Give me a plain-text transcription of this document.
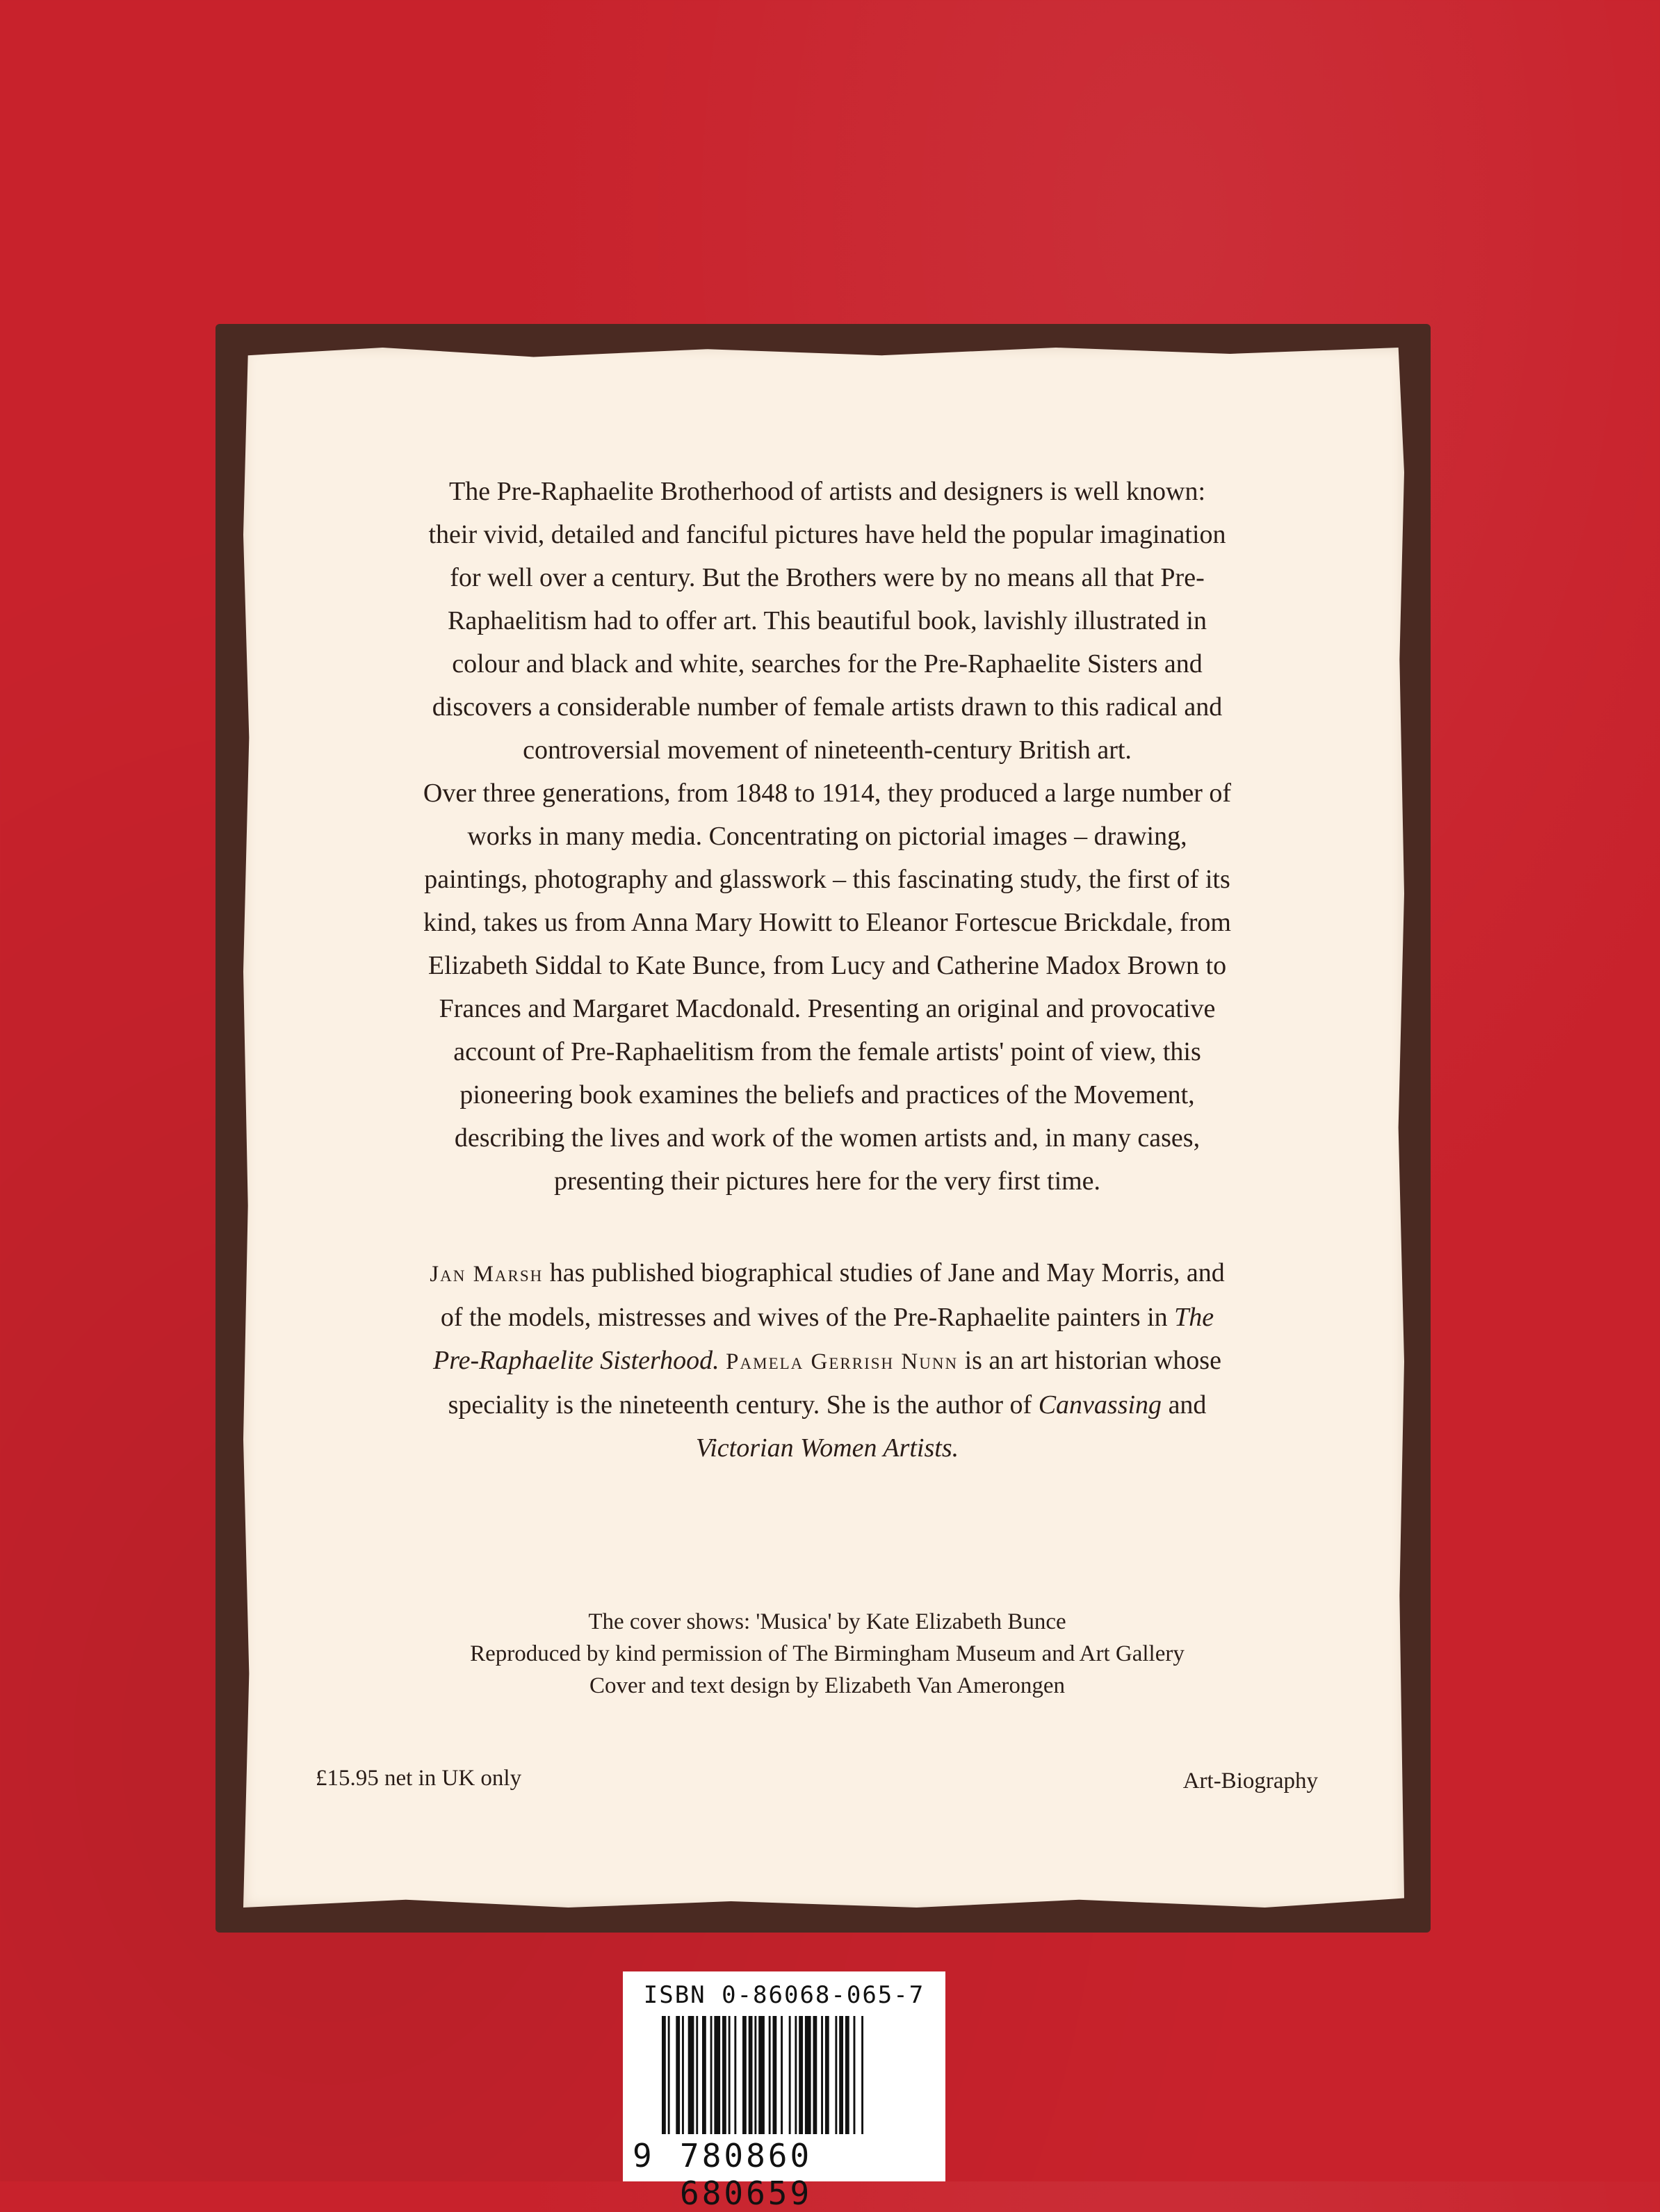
The Pre-Raphaelite Brotherhood of artists and designers is well known:

their vivid, detailed and fanciful pictures have held the popular imagination

for well over a century. But the Brothers were by no means all that Pre-

Raphaelitism had to offer art. This beautiful book, lavishly illustrated in

colour and black and white, searches for the Pre-Raphaelite Sisters and

discovers a considerable number of female artists drawn to this radical and

controversial movement of nineteenth-century British art.

Over three generations, from 1848 to 1914, they produced a large number of

works in many media. Concentrating on pictorial images – drawing,

paintings, photography and glasswork – this fascinating study, the first of its

kind, takes us from Anna Mary Howitt to Eleanor Fortescue Brickdale, from

Elizabeth Siddal to Kate Bunce, from Lucy and Catherine Madox Brown to

Frances and Margaret Macdonald. Presenting an original and provocative

account of Pre-Raphaelitism from the female artists' point of view, this

pioneering book examines the beliefs and practices of the Movement,

describing the lives and work of the women artists and, in many cases,

presenting their pictures here for the very first time.

Jan Marsh has published biographical studies of Jane and May Morris, and

of the models, mistresses and wives of the Pre-Raphaelite painters in The

Pre-Raphaelite Sisterhood. Pamela Gerrish Nunn is an art historian whose

speciality is the nineteenth century. She is the author of Canvassing and

Victorian Women Artists.

The cover shows: 'Musica' by Kate Elizabeth Bunce
Reproduced by kind permission of The Birmingham Museum and Art Gallery
Cover and text design by Elizabeth Van Amerongen
£15.95 net in UK only	Art-Biography
ISBN 0-86068-065-7
9 780860 680659
